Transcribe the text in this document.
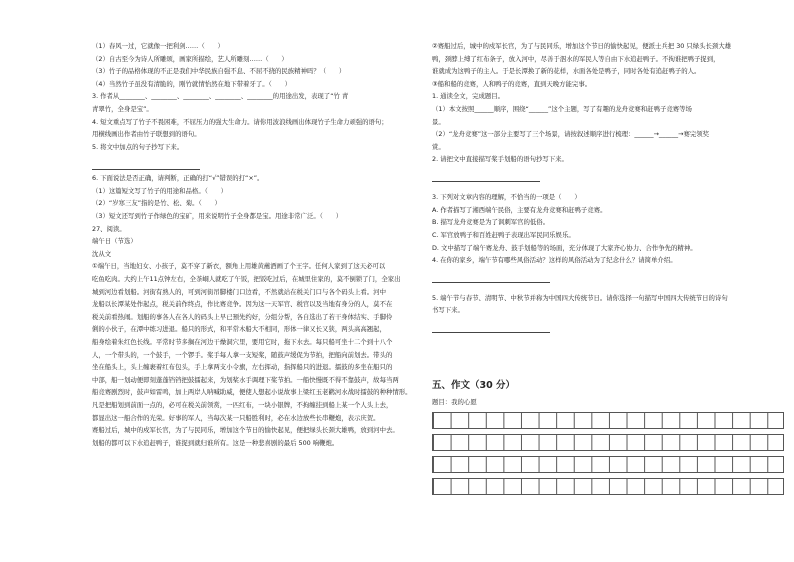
（1）春风一过，它就像一把利剑……（　　）
（2）自古至今为诗人所雕颂，画家所描绘，艺人所雕刻……（　　）
（3）竹子的品格体现的不正是我们中华民族自强不息、不屈不挠的民族精神吗？（　　）
（4）当然竹子虽没有清脆的，刚竹就情怡然在地下带着牙了。（　　）
3. 作者从________、________、________、________、________的用途出发，表现了“竹 青
青翠竹，全身是宝”。
4. 短文重点写了竹子不畏困难，不屈压力的强大生命力。请你用波浪线画出体现竹子生命力顽强的语句；
用横线画出作者由竹子联想到的语句。
5. 将文中加点的句子抄写下来。
6. 下面说法是否正确，请判断，正确的打“√”错误的打“×”。
（1）这篇短文写了竹子的用途和品格。（　　）
（2）“岁寒三友”指的是竹、松、菊。（　　）
（3）短文还写到竹子作绿色的宝矿，用来说明竹子全身都是宝。用途非常广泛。（　　）
27、阅读。
端午日（节选）
沈从文
①端午日，当地妇女、小孩子，莫不穿了新衣，额角上用雄黄蘸酒画了个王字。任何人家到了这天必可以
吃鱼吃肉。大约上午11点钟左右，全茶峒人就吃了午饭，把饭吃过后，在城里住家的，莫不倒锁了门，全家出
城到河边看划船。河街有熟人的，可到河街吊脚楼门口边看，不然就站在税关门口与各个码头上看。河中
龙船以长潭某处作起点，税关前作终点，作比赛竞争。因为这一天军官、税官以及当地有身分的人，莫不在
税关前看热闹。划船的事各人在各人的码头上早已預先约好，分组分帮，各自选出了若干身体结实、手脚伶
俐的小伙子，在潭中练习进退。船只的形式，和平常木船大不相同，形体一律又长又狭，两头高高翘起，
船身绘着朱红色长线。平常时节多搁在河边干燥洞穴里，要用它时，拖下水去。每只船可坐十二个到十八个
人，一个带头的，一个鼓手，一个锣手。桨手每人拿一支短桨，随鼓声缓促为节拍，把船向前划去。带头的
坐在船头上，头上缠裹着红布包头，手上拿两支小令旗，左右挥动，指挥船只的进退。擂鼓的多坐在船只的
中部，船一划动便即刻蓬蓬铛铛把鼓擂起来，为划桨水手调理下桨节拍。一船快慢既不得不靠鼓声，故每当两
船竞赛剧烈时，鼓声如雷鸣，加上两岸人呐喊助威，便使人想起小说故事上梁红玉老鹳河水战时擂鼓的种种情形。
凡是把船划到前面一点的，必可在税关前领赏，一匹红布，一块小银牌，不拘缠挂到船上某一个人头上去，
都显出这一船合作的光荣。好事的军人，当每次某一只船胜利时，必在水边放些长串鞭炮，表示庆贺。
赛船过后，城中的戍军长官，为了与民同乐，增加这个节日的愉快起见，便把绿头长颈大雄鸭，放到河中去。
划船的都可以下水追赶鸭子，谁捉到就归谁所有。这是一种悲喜剧的最后 500 响鞭炮。
②赛船过后，城中的戍军长官，为了与民同乐，增加这个节日的愉快起见，便派士兵把 30 只绿头长颈大雄
鸭，颈脖上缚了红布条子，放入河中，尽善于泅水的军民人等自由下水追赶鸭子。不拘谁把鸭子捉到，
谁就成为这鸭子的主人。于是长潭换了新的花样，水面各处是鸭子，同时各处有追赶鸭子的人。
③船和船的竞赛，人和鸭子的竞赛，直到天晚方能完事。
1. 通读全文，完成题目。
（1）本文按照______顺序，围绕“______”这个主题，写了有趣的龙舟竞赛和赶鸭子竞赛等场
景。
（2）“龙舟竞赛”这一部分主要写了三个场景，请按叙述顺序进行梳理：______→______→赛完领奖
赏。
2. 请把文中直接描写桨手划船的语句抄写下来。
3. 下列对文章内容的理解，不恰当的一项是（　　）
A. 作者描写了湘西端午民俗，主要有龙舟竞赛和赶鸭子竞赛。
B. 描写龙舟竞赛是为了讽刺军官的低俗。
C. 军官放鸭子和百姓赶鸭子表现出军民同乐娱乐。
D. 文中描写了端午赛龙舟、鼓手划船等的场面，充分体现了大家齐心协力、合作争先的精神。
4. 在你的家乡，端午节有哪些风俗活动？这样的风俗活动为了纪念什么？请简单介绍。
5. 端午节与春节、清明节、中秋节并称为中国四大传统节日。请你选择一句描写中国四大传统节日的诗句
书写下来。
五、作文（30 分）
题目：我的心愿
